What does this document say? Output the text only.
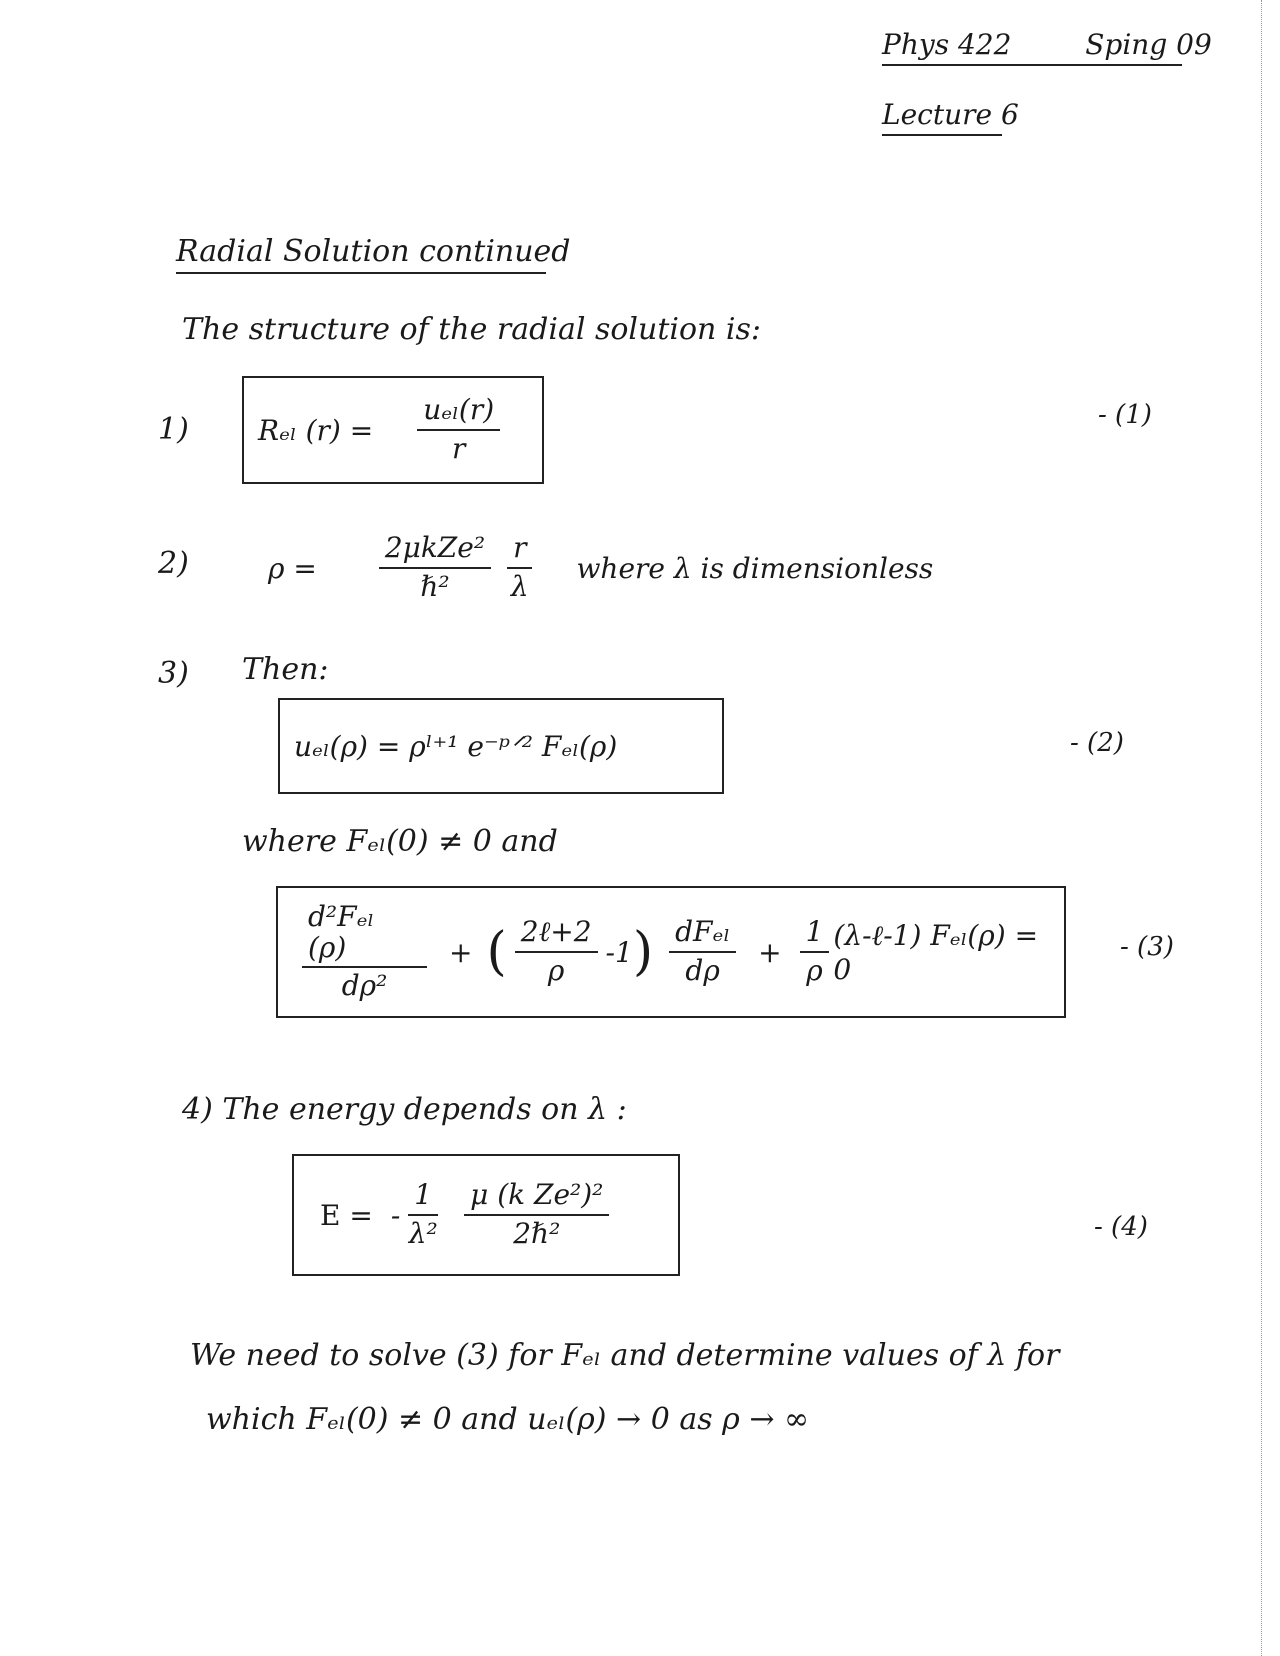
Phys 422	Sping 09
Lecture 6
Radial Solution continued
The structure of the radial solution is:
1) Rₑₗ $(r) = \frac{\text{uₑₗ(r)}}{r}$	- (1)
2)	$\rho = \frac{\text{2μkZe²}}{\text{ℏ²}} \frac{r}{\lambda}$ where λ is dimensionless
3) Then:
uₑₗ(ρ) = ρˡ⁺¹ e⁻ᵖᐟ² Fₑₗ(ρ)	- (2)
where Fₑₗ(0) ≠ 0 and
$\frac{\text{d²Fₑₗ (ρ)}}{\text{dρ²}}$ + ( $\frac{\text{2ℓ+2}}{\rho} -1$ ) $\frac{\text{dFₑₗ}}{d\rho} + \frac{1}{\rho}$ (λ-ℓ-1) Fₑₗ(ρ) = 0
- (3)
4) The energy depends on λ :
E = - $\frac{1}{\text{λ²}} \frac{\text{μ (k Ze²)²}}{\text{2ℏ²}}$	- (4)
We need to solve (3) for Fₑₗ and determine values of λ for
which Fₑₗ(0) ≠ 0 and uₑₗ(ρ) → 0 as ρ → ∞
